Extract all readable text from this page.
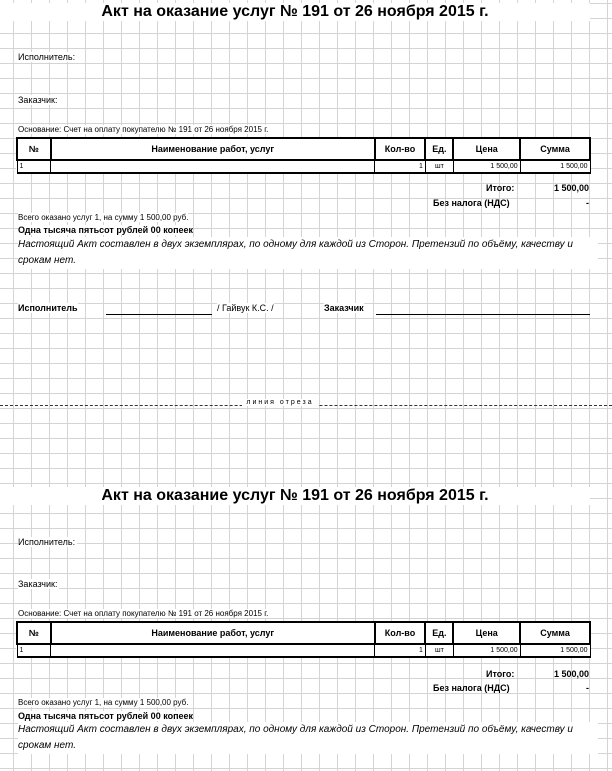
Акт на оказание услуг № 191 от 26 ноября 2015 г.
Исполнитель:
Заказчик:
Основание: Счет на оплату покупателю № 191 от 26 ноября 2015 г.
№	Наименование работ, услуг	Кол-во	Ед.	Цена	Сумма
1		1	шт	1 500,00	1 500,00
Итого:	1 500,00
Без налога (НДС)	-
Всего оказано услуг 1, на сумму 1 500,00 руб.
Одна тысяча пятьсот рублей 00 копеек
Настоящий Акт составлен в двух экземплярах, по одному для каждой из Сторон. Претензий по объёму, качеству и срокам нет.
Исполнитель	/ Гайвук К.С. /	Заказчик
линия отреза
Акт на оказание услуг № 191 от 26 ноября 2015 г.
Исполнитель:
Заказчик:
Основание: Счет на оплату покупателю № 191 от 26 ноября 2015 г.
№	Наименование работ, услуг	Кол-во	Ед.	Цена	Сумма
1		1	шт	1 500,00	1 500,00
Итого:	1 500,00
Без налога (НДС)	-
Всего оказано услуг 1, на сумму 1 500,00 руб.
Одна тысяча пятьсот рублей 00 копеек
Настоящий Акт составлен в двух экземплярах, по одному для каждой из Сторон. Претензий по объёму, качеству и срокам нет.
